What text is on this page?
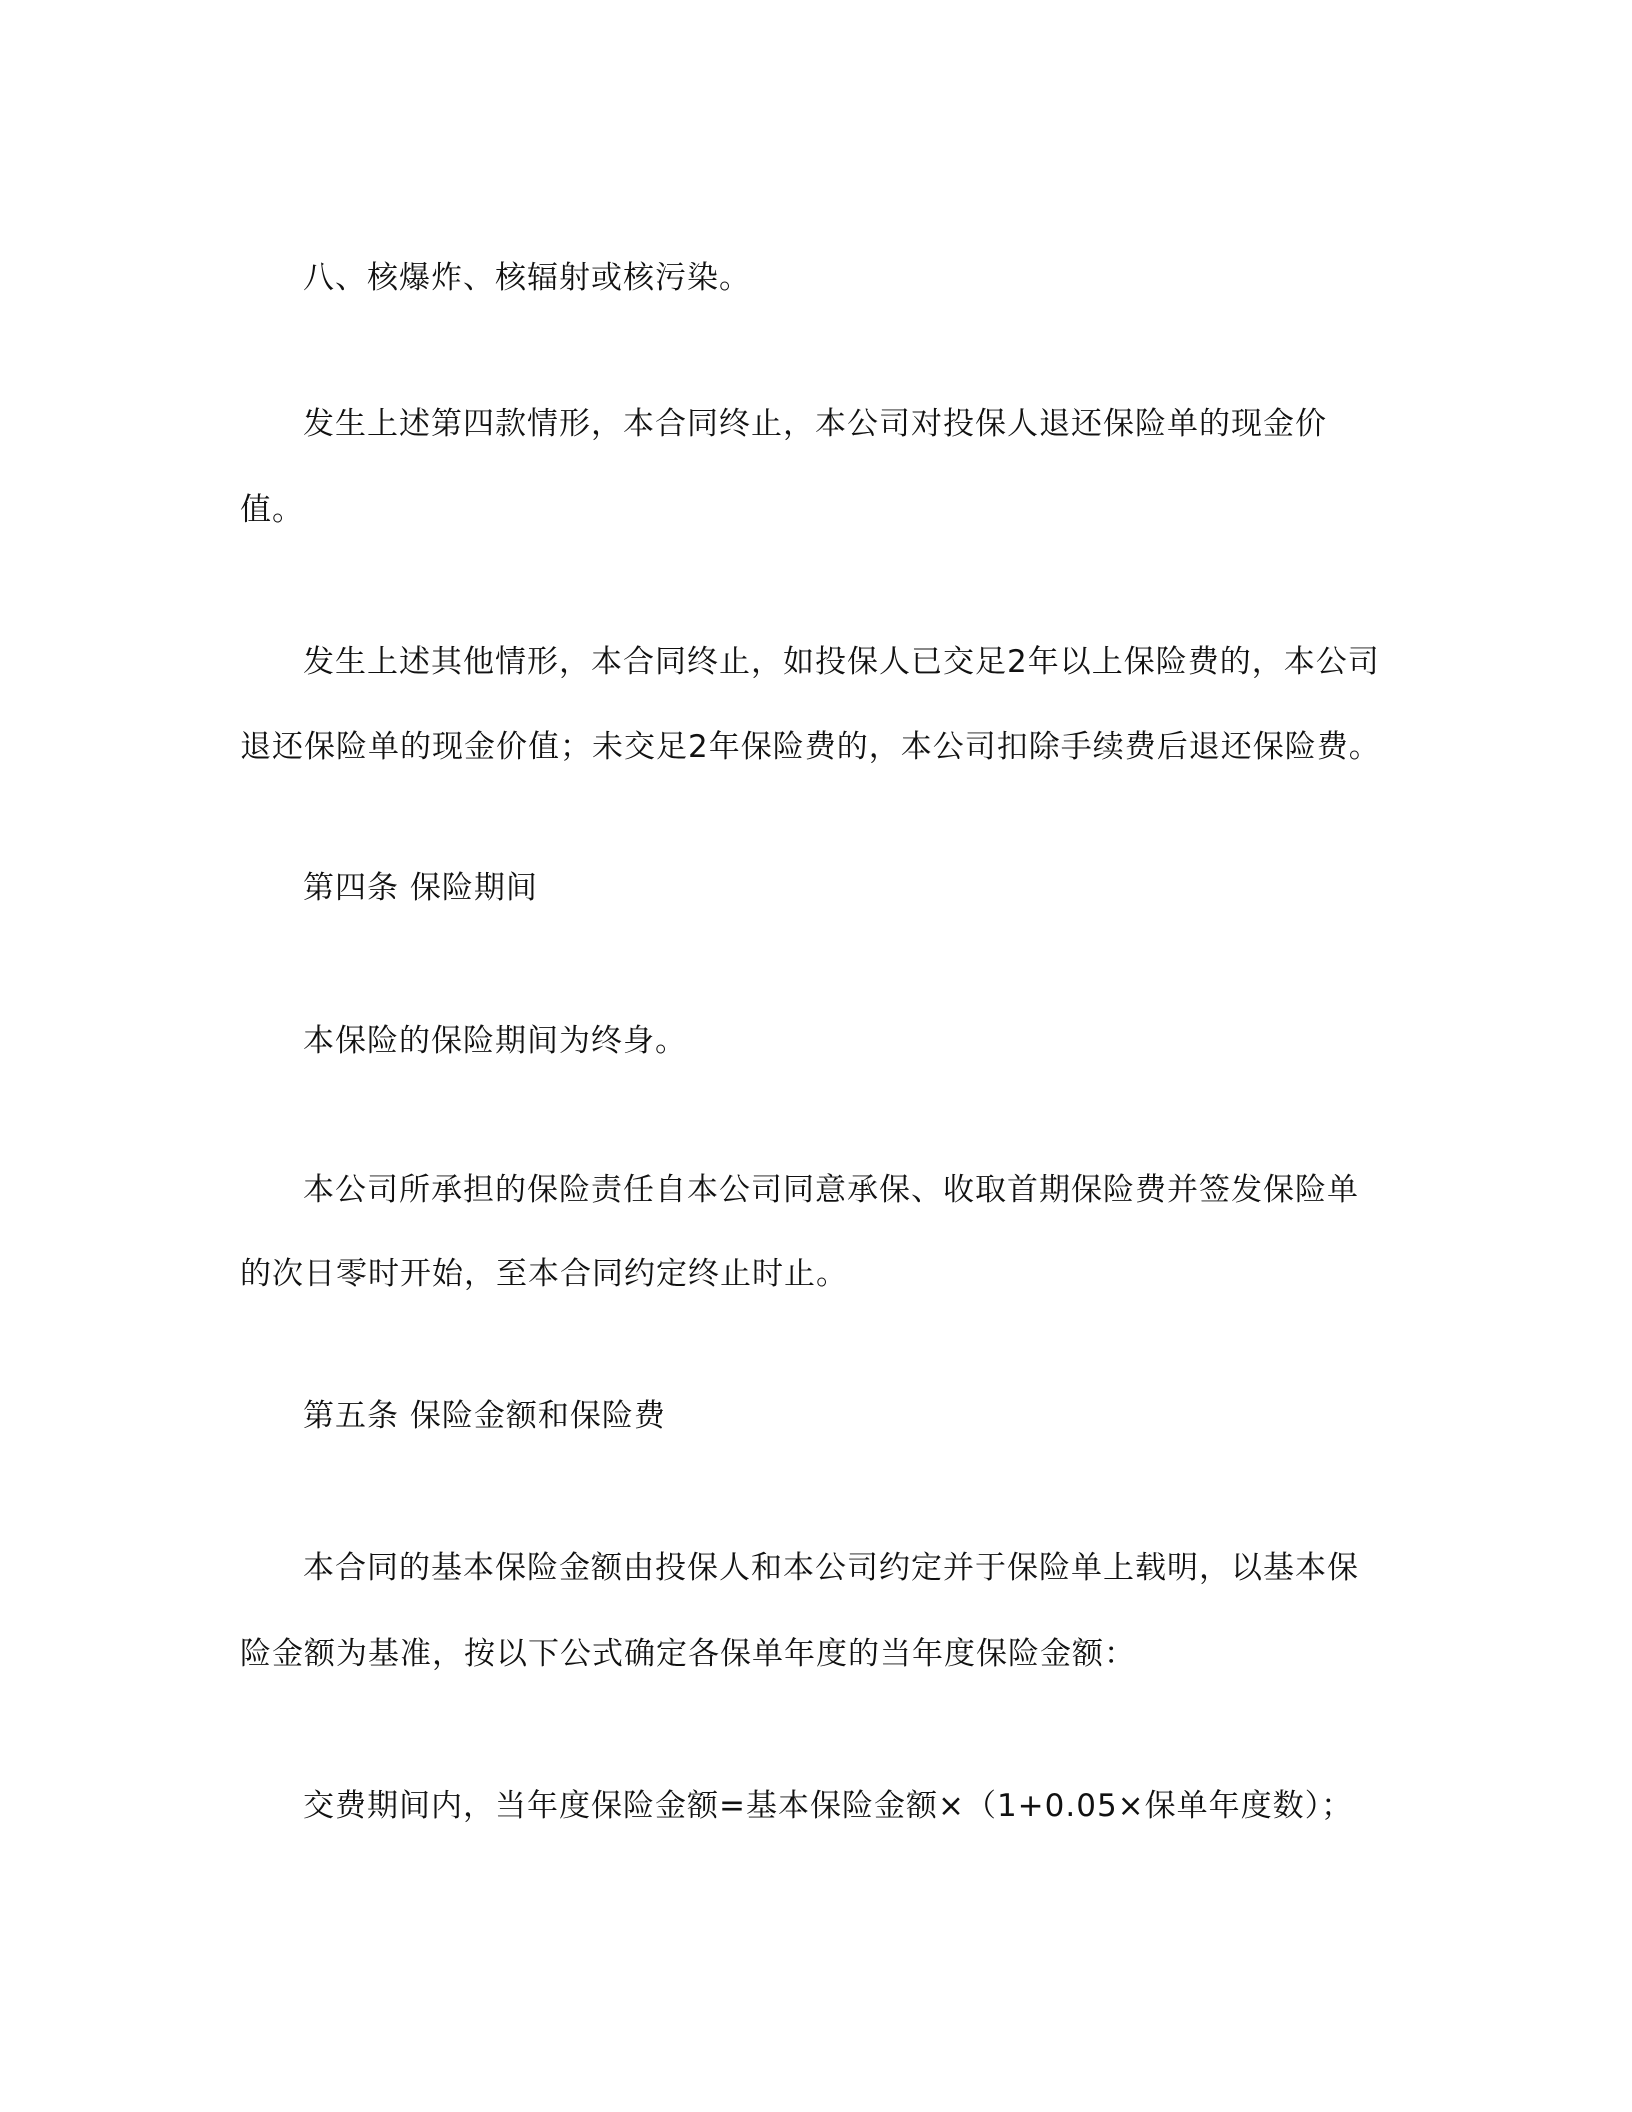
八、核爆炸、核辐射或核污染。
发生上述第四款情形，本合同终止，本公司对投保人退还保险单的现金价
值。
发生上述其他情形，本合同终止，如投保人已交足2年以上保险费的，本公司
退还保险单的现金价值；未交足2年保险费的，本公司扣除手续费后退还保险费。
第四条 保险期间
本保险的保险期间为终身。
本公司所承担的保险责任自本公司同意承保、收取首期保险费并签发保险单
的次日零时开始，至本合同约定终止时止。
第五条 保险金额和保险费
本合同的基本保险金额由投保人和本公司约定并于保险单上载明，以基本保
险金额为基准，按以下公式确定各保单年度的当年度保险金额：
交费期间内，当年度保险金额=基本保险金额×（1+0.05×保单年度数）；
